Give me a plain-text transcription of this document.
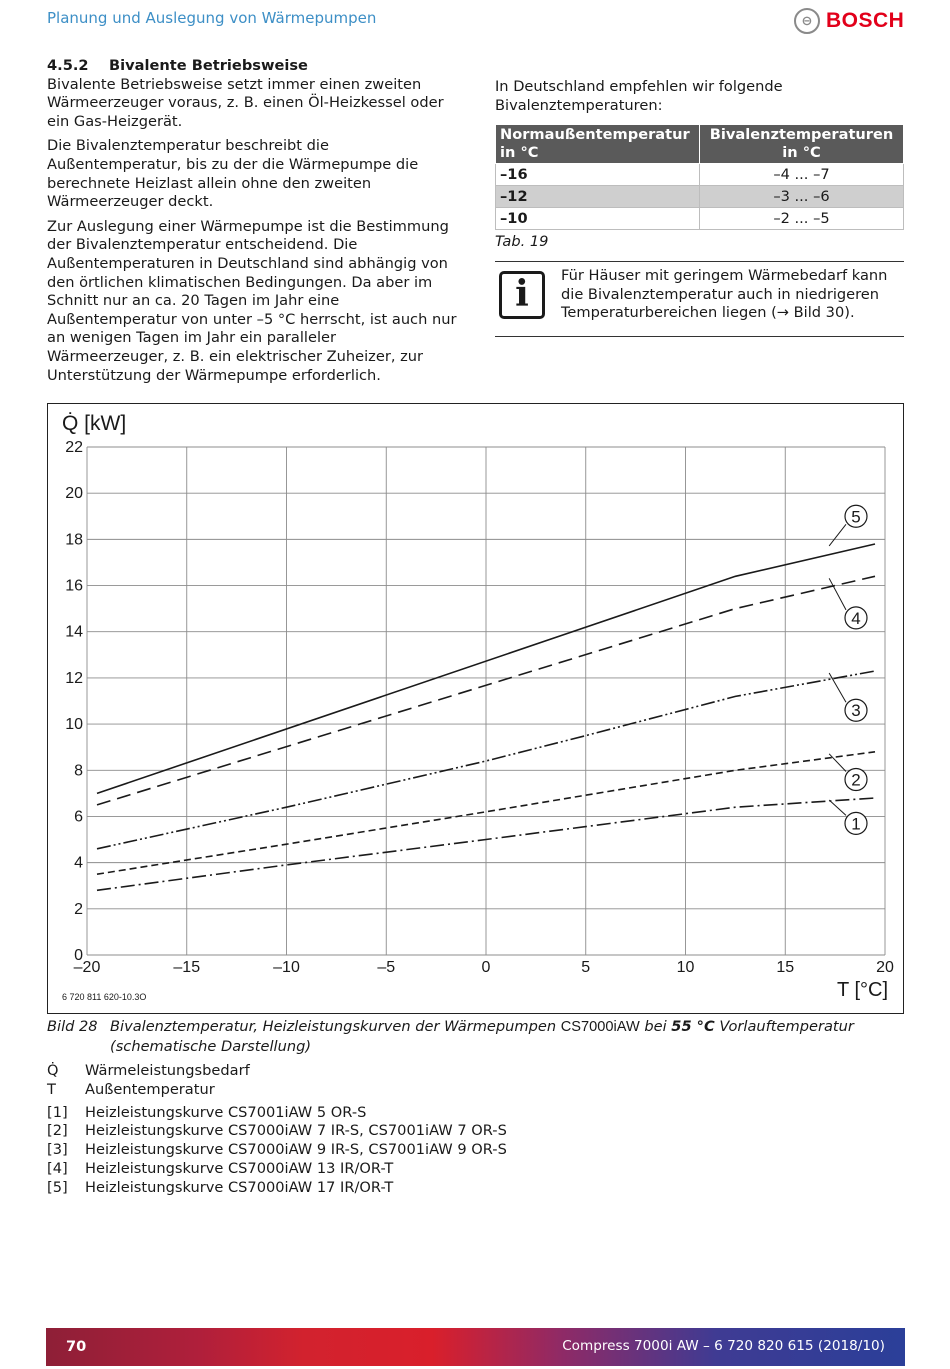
Planung und Auslegung von Wärmepumpen	⊖ BOSCH
4.5.2	Bivalente Betriebsweise

Bivalente Betriebsweise setzt immer einen zweiten Wärmeerzeuger voraus, z. B. einen Öl-Heizkessel oder ein Gas-Heizgerät.

Die Bivalenztemperatur beschreibt die Außentemperatur, bis zu der die Wärmepumpe die berechnete Heizlast allein ohne den zweiten Wärmeerzeuger deckt.

Zur Auslegung einer Wärmepumpe ist die Bestimmung der Bivalenztemperatur entscheidend. Die Außentemperaturen in Deutschland sind abhängig von den örtlichen klimatischen Bedingungen. Da aber im Schnitt nur an ca. 20 Tagen im Jahr eine Außentemperatur von unter –5 °C herrscht, ist auch nur an wenigen Tagen im Jahr ein paralleler Wärmeerzeuger, z. B. ein elektrischer Zuheizer, zur Unterstützung der Wärmepumpe erforderlich.

In Deutschland empfehlen wir folgende Bivalenztemperaturen:

Normaußentemperatur in °C	Bivalenztemperaturen in °C
–16	–4 ... –7
–12	–3 ... –6
–10	–2 ... –5
Tab. 19
i	Für Häuser mit geringem Wärmebedarf kann die Bivalenztemperatur auch in niedrigeren Temperaturbereichen liegen (→ Bild 30).
0
2
4
6
8
10
12
14
16
18
20
22
–20	–15	–10	–5	0	5	10	15	20
Q̇ [kW]
T [°C]
6 720 811 620-10.3O
1
2
3
4
5
Bild 28 Bivalenztemperatur, Heizleistungskurven der Wärmepumpen CS7000iAW bei 55 °C Vorlauftemperatur (schematische Darstellung)
Q̇	Wärmeleistungsbedarf
T	Außentemperatur
[1]	Heizleistungskurve CS7001iAW 5 OR-S
[2]	Heizleistungskurve CS7000iAW 7 IR-S, CS7001iAW 7 OR-S
[3]	Heizleistungskurve CS7000iAW 9 IR-S, CS7001iAW 9 OR-S
[4]	Heizleistungskurve CS7000iAW 13 IR/OR-T
[5]	Heizleistungskurve CS7000iAW 17 IR/OR-T
70	Compress 7000i AW – 6 720 820 615 (2018/10)
